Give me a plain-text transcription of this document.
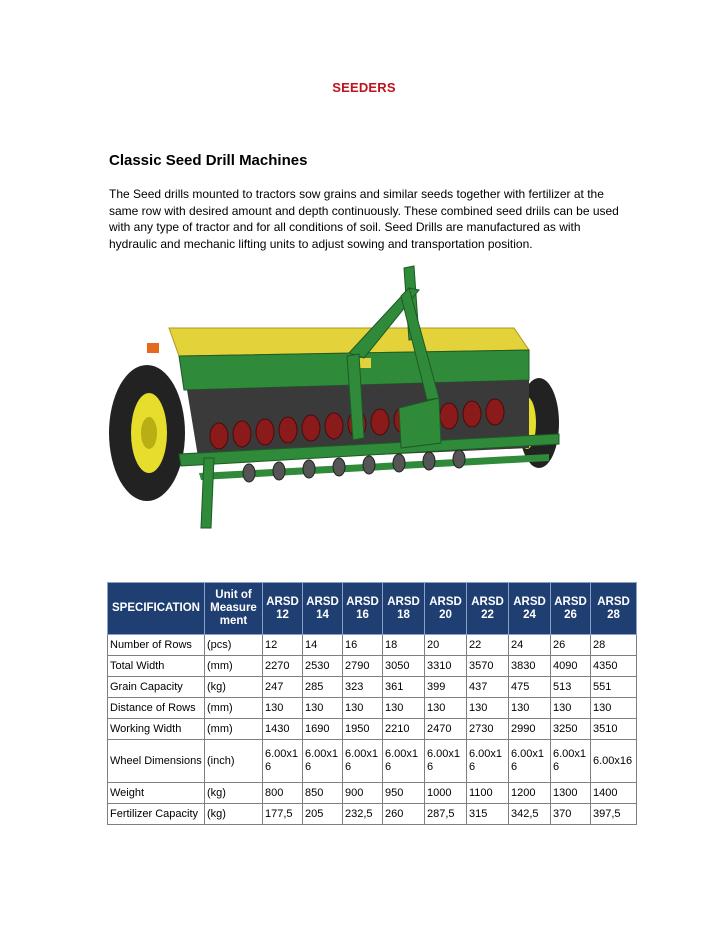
SEEDERS
Classic Seed Drill Machines
The Seed drills mounted to tractors sow grains and similar seeds together with fertilizer at the same row with desired amount and depth continuously. These combined seed driils can be used with any type of tractor and for all conditions of soil. Seed Drills are manufactured as with hydraulic and mechanic lifting units to adjust sowing and transportation position.
SPECIFICATION	Unit of Measure ment	ARSD 12	ARSD 14	ARSD 16	ARSD 18	ARSD 20	ARSD 22	ARSD 24	ARSD 26	ARSD 28
Number of Rows	(pcs)	12	14	16	18	20	22	24	26	28
Total Width	(mm)	2270	2530	2790	3050	3310	3570	3830	4090	4350
Grain Capacity	(kg)	247	285	323	361	399	437	475	513	551
Distance of Rows	(mm)	130	130	130	130	130	130	130	130	130
Working Width	(mm)	1430	1690	1950	2210	2470	2730	2990	3250	3510
Wheel Dimensions	(inch)	6.00x16	6.00x16	6.00x16	6.00x16	6.00x16	6.00x16	6.00x16	6.00x16	6.00x16
Weight	(kg)	800	850	900	950	1000	1100	1200	1300	1400
Fertilizer Capacity	(kg)	177,5	205	232,5	260	287,5	315	342,5	370	397,5
